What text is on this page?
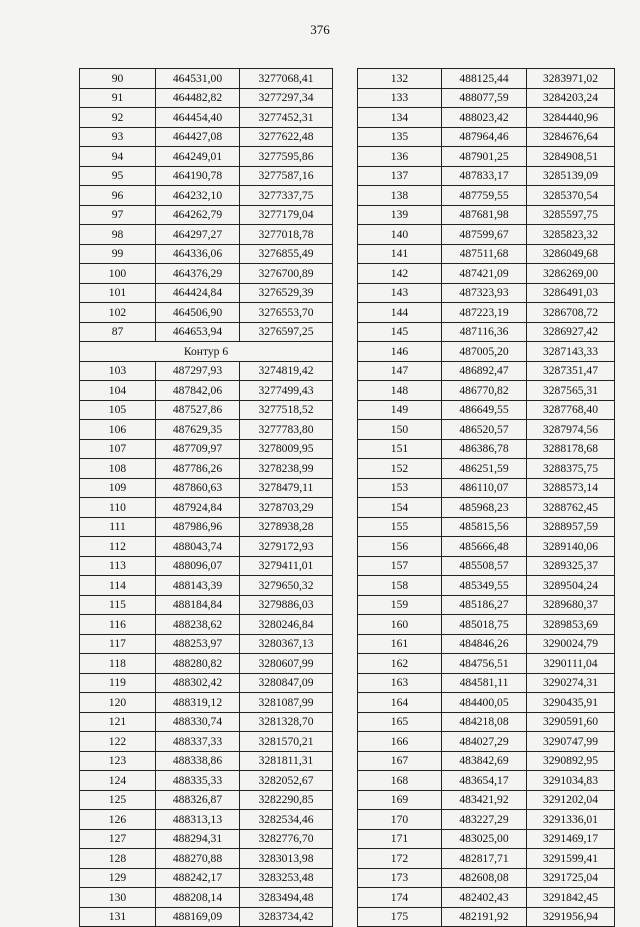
376
90	464531,00	3277068,41
91	464482,82	3277297,34
92	464454,40	3277452,31
93	464427,08	3277622,48
94	464249,01	3277595,86
95	464190,78	3277587,16
96	464232,10	3277337,75
97	464262,79	3277179,04
98	464297,27	3277018,78
99	464336,06	3276855,49
100	464376,29	3276700,89
101	464424,84	3276529,39
102	464506,90	3276553,70
87	464653,94	3276597,25
Контур 6		
103	487297,93	3274819,42
104	487842,06	3277499,43
105	487527,86	3277518,52
106	487629,35	3277783,80
107	487709,97	3278009,95
108	487786,26	3278238,99
109	487860,63	3278479,11
110	487924,84	3278703,29
111	487986,96	3278938,28
112	488043,74	3279172,93
113	488096,07	3279411,01
114	488143,39	3279650,32
115	488184,84	3279886,03
116	488238,62	3280246,84
117	488253,97	3280367,13
118	488280,82	3280607,99
119	488302,42	3280847,09
120	488319,12	3281087,99
121	488330,74	3281328,70
122	488337,33	3281570,21
123	488338,86	3281811,31
124	488335,33	3282052,67
125	488326,87	3282290,85
126	488313,13	3282534,46
127	488294,31	3282776,70
128	488270,88	3283013,98
129	488242,17	3283253,48
130	488208,14	3283494,48
131	488169,09	3283734,42
132	488125,44	3283971,02
133	488077,59	3284203,24
134	488023,42	3284440,96
135	487964,46	3284676,64
136	487901,25	3284908,51
137	487833,17	3285139,09
138	487759,55	3285370,54
139	487681,98	3285597,75
140	487599,67	3285823,32
141	487511,68	3286049,68
142	487421,09	3286269,00
143	487323,93	3286491,03
144	487223,19	3286708,72
145	487116,36	3286927,42
146	487005,20	3287143,33
147	486892,47	3287351,47
148	486770,82	3287565,31
149	486649,55	3287768,40
150	486520,57	3287974,56
151	486386,78	3288178,68
152	486251,59	3288375,75
153	486110,07	3288573,14
154	485968,23	3288762,45
155	485815,56	3288957,59
156	485666,48	3289140,06
157	485508,57	3289325,37
158	485349,55	3289504,24
159	485186,27	3289680,37
160	485018,75	3289853,69
161	484846,26	3290024,79
162	484756,51	3290111,04
163	484581,11	3290274,31
164	484400,05	3290435,91
165	484218,08	3290591,60
166	484027,29	3290747,99
167	483842,69	3290892,95
168	483654,17	3291034,83
169	483421,92	3291202,04
170	483227,29	3291336,01
171	483025,00	3291469,17
172	482817,71	3291599,41
173	482608,08	3291725,04
174	482402,43	3291842,45
175	482191,92	3291956,94
